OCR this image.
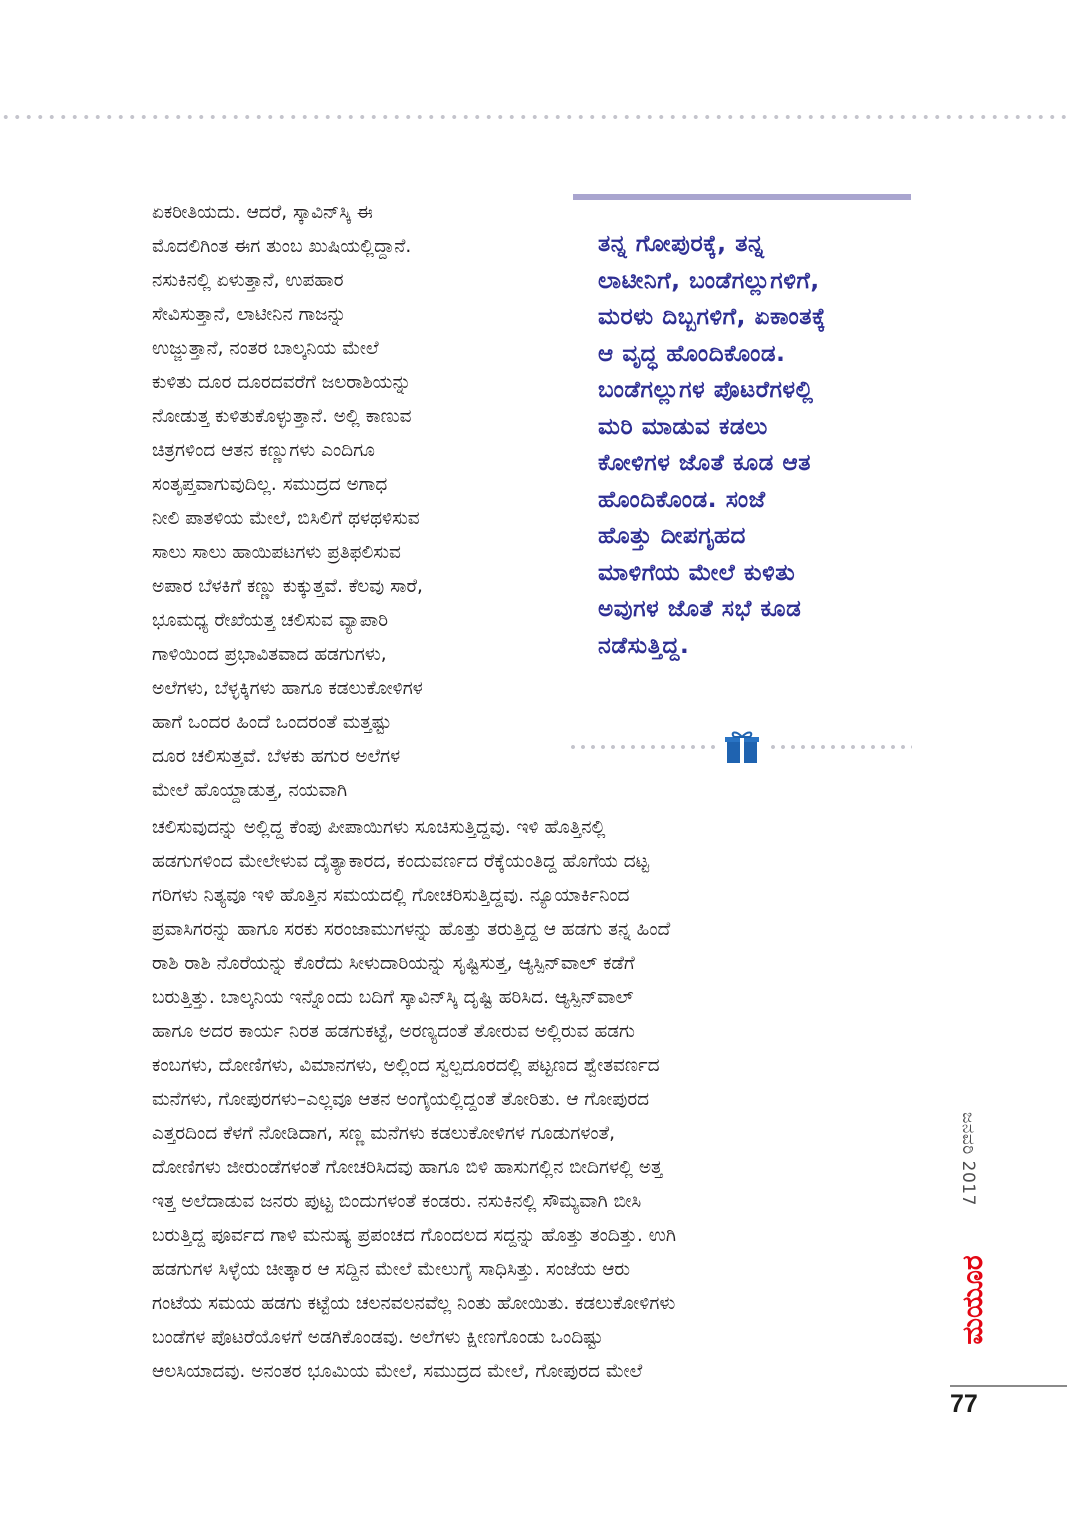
ಏಕರೀತಿಯದು. ಆದರೆ, ಸ್ಕಾವಿನ್‌ಸ್ಕಿ ಈ
ಮೊದಲಿಗಿಂತ ಈಗ ತುಂಬ ಖುಷಿಯಲ್ಲಿದ್ದಾನೆ.
ನಸುಕಿನಲ್ಲಿ ಏಳುತ್ತಾನೆ, ಉಪಹಾರ
ಸೇವಿಸುತ್ತಾನೆ, ಲಾಟೀನಿನ ಗಾಜನ್ನು
ಉಜ್ಜುತ್ತಾನೆ, ನಂತರ ಬಾಲ್ಕನಿಯ ಮೇಲೆ
ಕುಳಿತು ದೂರ ದೂರದವರೆಗೆ ಜಲರಾಶಿಯನ್ನು
ನೋಡುತ್ತ ಕುಳಿತುಕೊಳ್ಳುತ್ತಾನೆ. ಅಲ್ಲಿ ಕಾಣುವ
ಚಿತ್ರಗಳಿಂದ ಆತನ ಕಣ್ಣುಗಳು ಎಂದಿಗೂ
ಸಂತೃಪ್ತವಾಗುವುದಿಲ್ಲ. ಸಮುದ್ರದ ಅಗಾಧ
ನೀಲಿ ಪಾತಳಿಯ ಮೇಲೆ, ಬಿಸಿಲಿಗೆ ಥಳಥಳಿಸುವ
ಸಾಲು ಸಾಲು ಹಾಯಿಪಟಗಳು ಪ್ರತಿಫಲಿಸುವ
ಅಪಾರ ಬೆಳಕಿಗೆ ಕಣ್ಣು ಕುಕ್ಕುತ್ತವೆ. ಕೆಲವು ಸಾರೆ,
ಭೂಮಧ್ಯ ರೇಖೆಯತ್ತ ಚಲಿಸುವ ವ್ಯಾಪಾರಿ
ಗಾಳಿಯಿಂದ ಪ್ರಭಾವಿತವಾದ ಹಡಗುಗಳು,
ಅಲೆಗಳು, ಬೆಳ್ಳಕ್ಕಿಗಳು ಹಾಗೂ ಕಡಲುಕೋಳಿಗಳ
ಹಾಗೆ ಒಂದರ ಹಿಂದೆ ಒಂದರಂತೆ ಮತ್ತಷ್ಟು
ದೂರ ಚಲಿಸುತ್ತವೆ. ಬೆಳಕು ಹಗುರ ಅಲೆಗಳ
ಮೇಲೆ ಹೊಯ್ದಾಡುತ್ತ, ನಯವಾಗಿ
ತನ್ನ ಗೋಪುರಕ್ಕೆ, ತನ್ನ
ಲಾಟೀನಿಗೆ, ಬಂಡೆಗಲ್ಲುಗಳಿಗೆ,
ಮರಳು ದಿಬ್ಬಗಳಿಗೆ, ಏಕಾಂತಕ್ಕೆ
ಆ ವೃದ್ಧ ಹೊಂದಿಕೊಂಡ.
ಬಂಡೆಗಲ್ಲುಗಳ ಪೊಟರೆಗಳಲ್ಲಿ
ಮರಿ ಮಾಡುವ ಕಡಲು
ಕೋಳಿಗಳ ಜೊತೆ ಕೂಡ ಆತ
ಹೊಂದಿಕೊಂಡ. ಸಂಜೆ
ಹೊತ್ತು ದೀಪಗೃಹದ
ಮಾಳಿಗೆಯ ಮೇಲೆ ಕುಳಿತು
ಅವುಗಳ ಜೊತೆ ಸಭೆ ಕೂಡ
ನಡೆಸುತ್ತಿದ್ದ.
ಚಲಿಸುವುದನ್ನು ಅಲ್ಲಿದ್ದ ಕೆಂಪು ಪೀಪಾಯಿಗಳು ಸೂಚಿಸುತ್ತಿದ್ದವು. ಇಳಿ ಹೊತ್ತಿನಲ್ಲಿ
ಹಡಗುಗಳಿಂದ ಮೇಲೇಳುವ ದೈತ್ಯಾಕಾರದ, ಕಂದುವರ್ಣದ ರೆಕ್ಕೆಯಂತಿದ್ದ ಹೊಗೆಯ ದಟ್ಟ
ಗರಿಗಳು ನಿತ್ಯವೂ ಇಳಿ ಹೊತ್ತಿನ ಸಮಯದಲ್ಲಿ ಗೋಚರಿಸುತ್ತಿದ್ದವು. ನ್ಯೂಯಾರ್ಕಿನಿಂದ
ಪ್ರವಾಸಿಗರನ್ನು ಹಾಗೂ ಸರಕು ಸರಂಜಾಮುಗಳನ್ನು ಹೊತ್ತು ತರುತ್ತಿದ್ದ ಆ ಹಡಗು ತನ್ನ ಹಿಂದೆ
ರಾಶಿ ರಾಶಿ ನೊರೆಯನ್ನು ಕೊರೆದು ಸೀಳುದಾರಿಯನ್ನು ಸೃಷ್ಟಿಸುತ್ತ, ಆ್ಯಸ್ಪಿನ್‌ವಾಲ್ ಕಡೆಗೆ
ಬರುತ್ತಿತ್ತು. ಬಾಲ್ಕನಿಯ ಇನ್ನೊಂದು ಬದಿಗೆ ಸ್ಕಾವಿನ್‌ಸ್ಕಿ ದೃಷ್ಟಿ ಹರಿಸಿದ. ಆ್ಯಸ್ಪಿನ್‌ವಾಲ್
ಹಾಗೂ ಅದರ ಕಾರ್ಯ ನಿರತ ಹಡಗುಕಟ್ಟೆ, ಅರಣ್ಯದಂತೆ ತೋರುವ ಅಲ್ಲಿರುವ ಹಡಗು
ಕಂಬಗಳು, ದೋಣಿಗಳು, ವಿಮಾನಗಳು, ಅಲ್ಲಿಂದ ಸ್ವಲ್ಪದೂರದಲ್ಲಿ ಪಟ್ಟಣದ ಶ್ವೇತವರ್ಣದ
ಮನೆಗಳು, ಗೋಪುರಗಳು–ಎಲ್ಲವೂ ಆತನ ಅಂಗೈಯಲ್ಲಿದ್ದಂತೆ ತೋರಿತು. ಆ ಗೋಪುರದ
ಎತ್ತರದಿಂದ ಕೆಳಗೆ ನೋಡಿದಾಗ, ಸಣ್ಣ ಮನೆಗಳು ಕಡಲುಕೋಳಿಗಳ ಗೂಡುಗಳಂತೆ,
ದೋಣಿಗಳು ಜೀರುಂಡೆಗಳಂತೆ ಗೋಚರಿಸಿದವು ಹಾಗೂ ಬಿಳಿ ಹಾಸುಗಲ್ಲಿನ ಬೀದಿಗಳಲ್ಲಿ ಅತ್ತ
ಇತ್ತ ಅಲೆದಾಡುವ ಜನರು ಪುಟ್ಟ ಬಿಂದುಗಳಂತೆ ಕಂಡರು. ನಸುಕಿನಲ್ಲಿ ಸೌಮ್ಯವಾಗಿ ಬೀಸಿ
ಬರುತ್ತಿದ್ದ ಪೂರ್ವದ ಗಾಳಿ ಮನುಷ್ಯ ಪ್ರಪಂಚದ ಗೊಂದಲದ ಸದ್ದನ್ನು ಹೊತ್ತು ತಂದಿತ್ತು. ಉಗಿ
ಹಡಗುಗಳ ಸಿಳ್ಳೆಯ ಚೀತ್ಕಾರ ಆ ಸದ್ದಿನ ಮೇಲೆ ಮೇಲುಗೈ ಸಾಧಿಸಿತ್ತು. ಸಂಜೆಯ ಆರು
ಗಂಟೆಯ ಸಮಯ ಹಡಗು ಕಟ್ಟೆಯ ಚಲನವಲನವೆಲ್ಲ ನಿಂತು ಹೋಯಿತು. ಕಡಲುಕೋಳಿಗಳು
ಬಂಡೆಗಳ ಪೊಟರೆಯೊಳಗೆ ಅಡಗಿಕೊಂಡವು. ಅಲೆಗಳು ಕ್ಷೀಣಗೊಂಡು ಒಂದಿಷ್ಟು
ಆಲಸಿಯಾದವು. ಅನಂತರ ಭೂಮಿಯ ಮೇಲೆ, ಸಮುದ್ರದ ಮೇಲೆ, ಗೋಪುರದ ಮೇಲೆ
ಮಯೂರ
ಜನವರಿ 2017
77
